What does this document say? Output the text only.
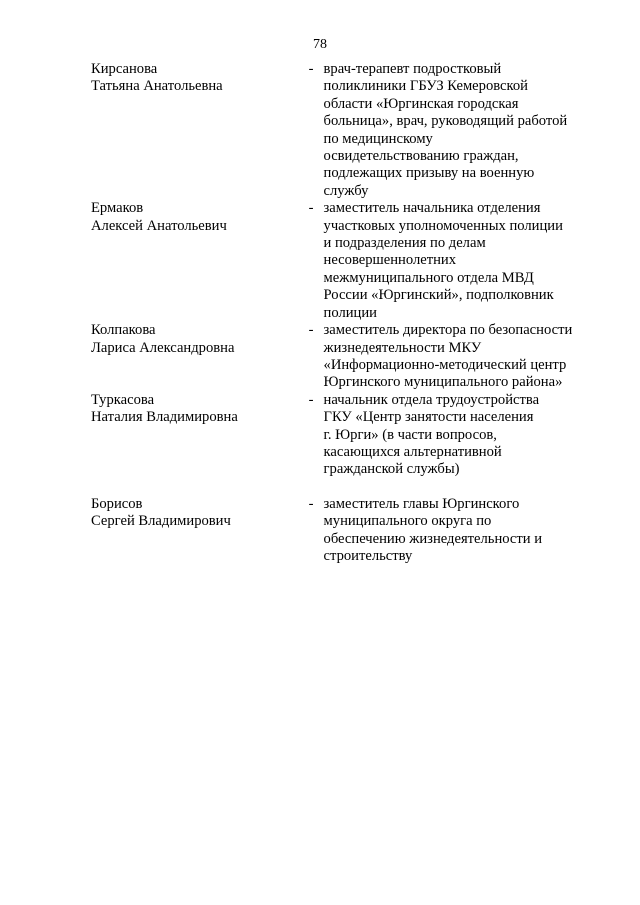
78
Кирсанова
Татьяна Анатольевна
- врач-терапевт подростковый
поликлиники ГБУЗ Кемеровской
области «Юргинская городская
больница», врач, руководящий работой
по медицинскому
освидетельствованию граждан,
подлежащих призыву на военную
службу
Ермаков
Алексей Анатольевич
- заместитель начальника отделения
участковых уполномоченных полиции
и подразделения по делам
несовершеннолетних
межмуниципального отдела МВД
России «Юргинский», подполковник
полиции
Колпакова
Лариса Александровна
- заместитель директора по безопасности
жизнедеятельности МКУ
«Информационно-методический центр
Юргинского муниципального района»
Туркасова
Наталия Владимировна
- начальник отдела трудоустройства
ГКУ «Центр занятости населения
г. Юрги» (в части вопросов,
касающихся альтернативной
гражданской службы)
Борисов
Сергей Владимирович
- заместитель главы Юргинского
муниципального округа по
обеспечению жизнедеятельности и
строительству
